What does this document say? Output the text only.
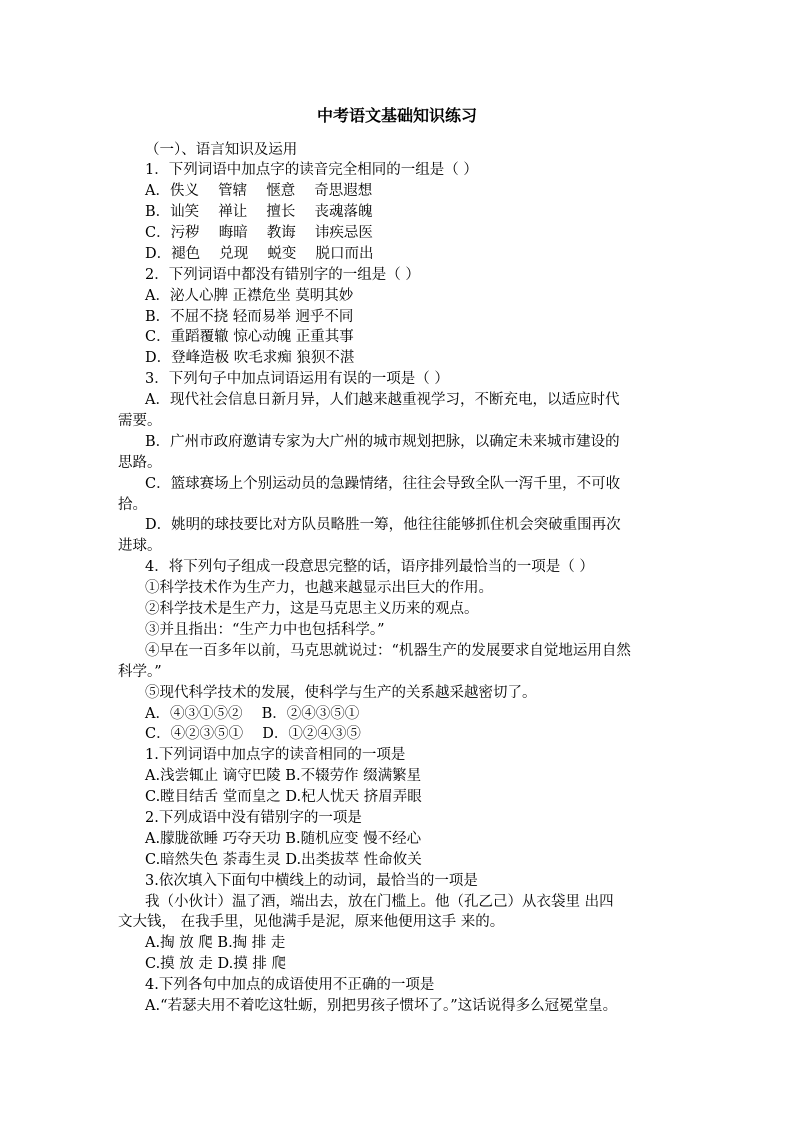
中考语文基础知识练习
（一）、语言知识及运用
1．下列词语中加点字的读音完全相同的一组是（ ）
A．佚义　 管辖　 惬意　 奇思遐想
B．讪笑　 禅让　 擅长　 丧魂落魄
C．污秽　 晦暗　 教诲　 讳疾忌医
D．褪色　 兑现　 蜕变　 脱口而出
2．下列词语中都没有错别字的一组是（ ）
A．泌人心脾 正襟危坐 莫明其妙
B．不屈不挠 轻而易举 迥乎不同
C．重蹈覆辙 惊心动魄 正重其事
D．登峰造极 吹毛求痴 狼狈不湛
3．下列句子中加点词语运用有误的一项是（ ）
A．现代社会信息日新月异，人们越来越重视学习，不断充电，以适应时代
需要。
B．广州市政府邀请专家为大广州的城市规划把脉，以确定未来城市建设的
思路。
C．篮球赛场上个别运动员的急躁情绪，往往会导致全队一泻千里，不可收
拾。
D．姚明的球技要比对方队员略胜一筹，他往往能够抓住机会突破重围再次
进球。
4．将下列句子组成一段意思完整的话，语序排列最恰当的一项是（ ）
①科学技术作为生产力，也越来越显示出巨大的作用。
②科学技术是生产力，这是马克思主义历来的观点。
③并且指出：“生产力中也包括科学。”
④早在一百多年以前，马克思就说过：“机器生产的发展要求自觉地运用自然
科学。”
⑤现代科学技术的发展，使科学与生产的关系越采越密切了。
A．④③①⑤②　 B．②④③⑤①
C．④②③⑤①　 D．①②④③⑤
1.下列词语中加点字的读音相同的一项是
A.浅尝辄止 谪守巴陵 B.不辍劳作 缀满繁星
C.瞠目结舌 堂而皇之 D.杞人忧天 挤眉弄眼
2.下列成语中没有错别字的一项是
A.朦胧欲睡 巧夺天功 B.随机应变 慢不经心
C.暗然失色 荼毒生灵 D.出类拔萃 性命攸关
3.依次填入下面句中横线上的动词，最恰当的一项是
我（小伙计）温了酒，端出去，放在门槛上。他（孔乙己）从衣袋里 出四
文大钱， 在我手里，见他满手是泥，原来他便用这手 来的。
A.掏 放 爬 B.掏 排 走
C.摸 放 走 D.摸 排 爬
4.下列各句中加点的成语使用不正确的一项是
A.“若瑟夫用不着吃这牡蛎，别把男孩子惯坏了。”这话说得多么冠冕堂皇。
